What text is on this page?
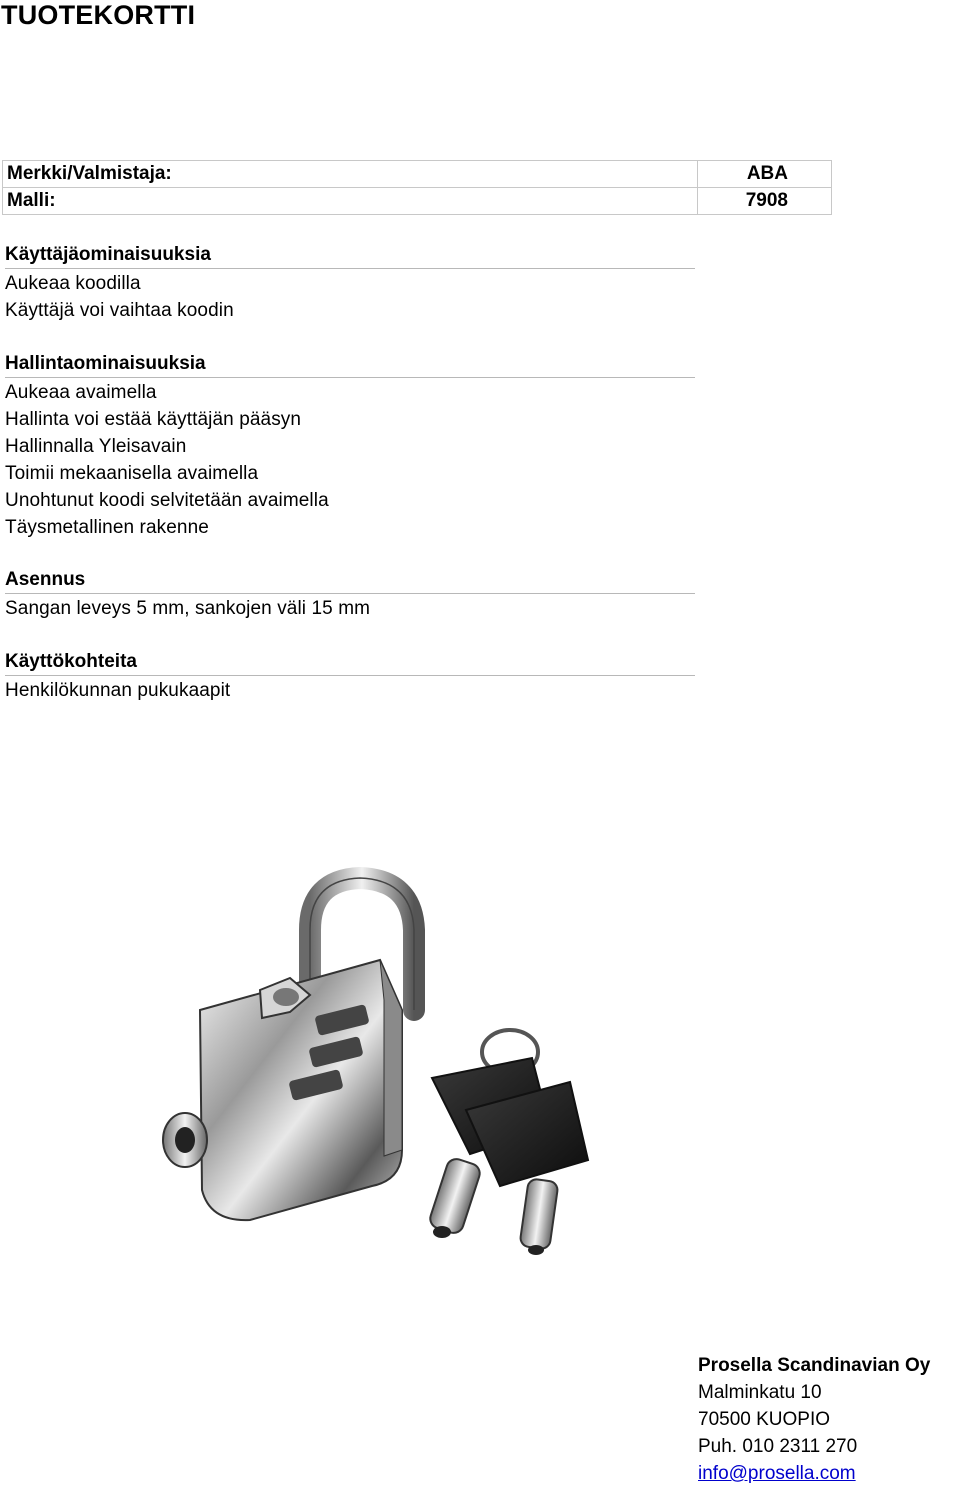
TUOTEKORTTI
Merkki/Valmistaja:	ABA
Malli:	7908
Käyttäjäominaisuuksia
Aukeaa koodilla
Käyttäjä voi vaihtaa koodin
Hallintaominaisuuksia
Aukeaa avaimella
Hallinta voi estää käyttäjän pääsyn
Hallinnalla Yleisavain
Toimii mekaanisella avaimella
Unohtunut koodi selvitetään avaimella
Täysmetallinen rakenne
Asennus
Sangan leveys 5 mm, sankojen väli 15 mm
Käyttökohteita
Henkilökunnan pukukaapit
Prosella Scandinavian Oy
Malminkatu 10
70500 KUOPIO
Puh. 010 2311 270
info@prosella.com
